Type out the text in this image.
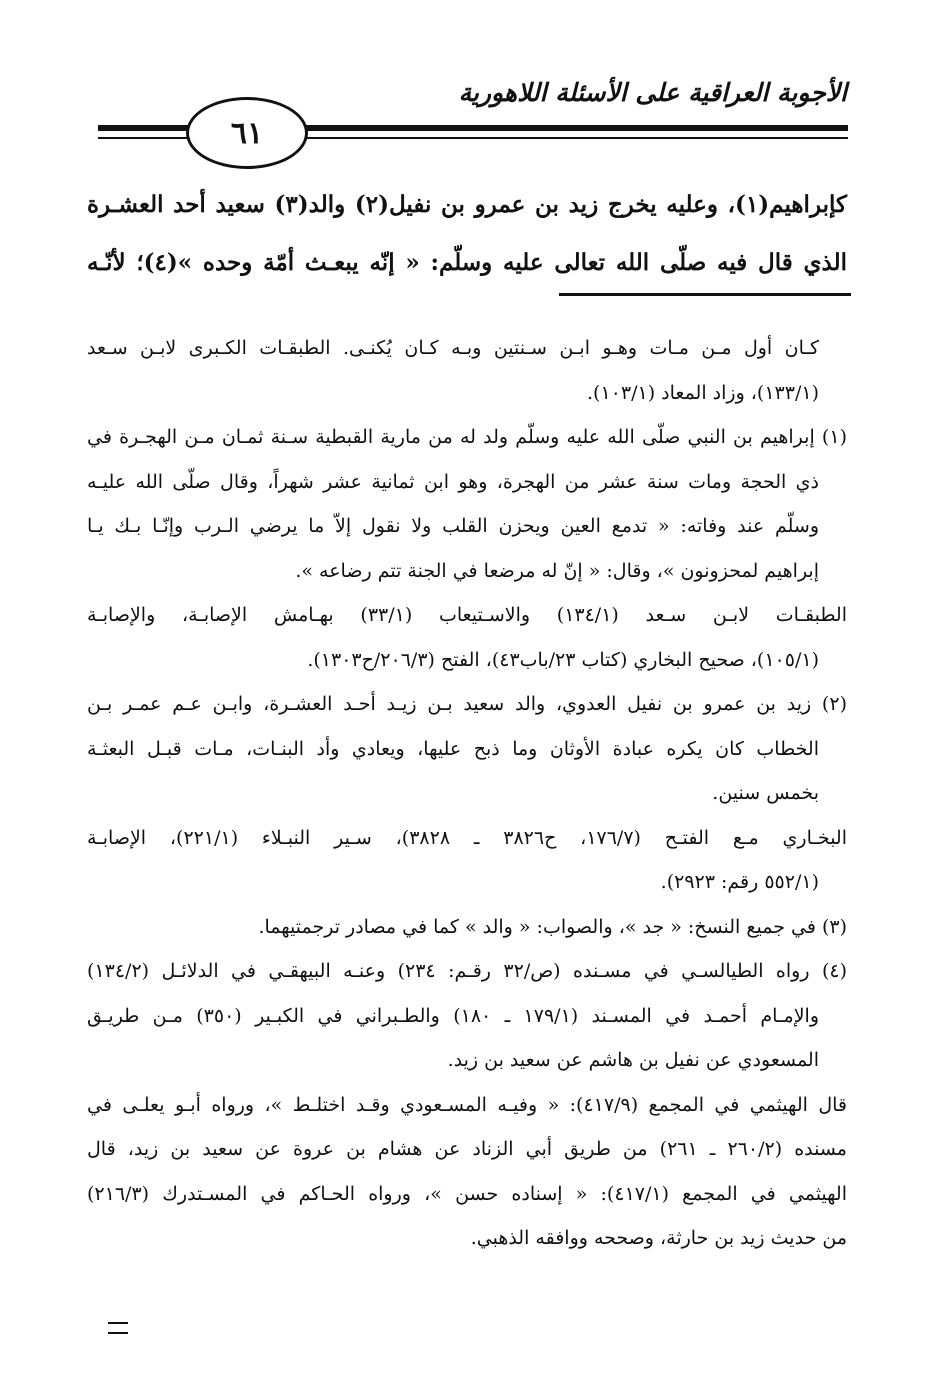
الأجوبة العراقية على الأسئلة اللاهورية
٦١
كإبراهيم(١)، وعليه يخرج زيد بن عمرو بن نفيل(٢) والد(٣) سعيد أحد العشـرة
الذي قال فيه صلّى الله تعالى عليه وسلّم: « إنّه يبعـث أمّة وحده »(٤)؛ لأنّـه
كـان أول مـن مـات وهـو ابـن سـنتين وبـه كـان يُكنـى. الطبقـات الكـبرى لابـن سـعد
(١٣٣/١)، وزاد المعاد (١٠٣/١).
(١) إبراهيم بن النبي صلّى الله عليه وسلّم ولد له من مارية القبطية سـنة ثمـان مـن الهجـرة في
ذي الحجة ومات سنة عشر من الهجرة، وهو ابن ثمانية عشر شهراً، وقال صلّى الله عليـه
وسلّم عند وفاته: « تدمع العين ويحزن القلب ولا نقول إلاّ ما يرضي الـرب وإنّـا بـك يـا
إبراهيم لمحزونون »، وقال: « إنّ له مرضعا في الجنة تتم رضاعه ».
الطبقـات لابـن سـعد (١٣٤/١) والاسـتيعاب (٣٣/١) بهـامش الإصابـة، والإصابـة
(١٠٥/١)، صحيح البخاري (كتاب ٢٣/باب٤٣)، الفتح (٢٠٦/٣/ح١٣٠٣).
(٢) زيد بن عمرو بن نفيل العدوي، والد سعيد بـن زيـد أحـد العشـرة، وابـن عـم عمـر بـن
الخطاب كان يكره عبادة الأوثان وما ذبح عليها، ويعادي وأد البنـات، مـات قبـل البعثـة
بخمس سنين.
البخـاري مـع الفتـح (١٧٦/٧، ح٣٨٢٦ ـ ٣٨٢٨)، سـير النبـلاء (٢٢١/١)، الإصابـة
(٥٥٢/١ رقم: ٢٩٢٣).
(٣) في جميع النسخ: « جد »، والصواب: « والد » كما في مصادر ترجمتيهما.
(٤) رواه الطيالسـي في مسـنده (ص/٣٢ رقـم: ٢٣٤) وعنـه البيهقـي في الدلائـل (١٣٤/٢)
والإمـام أحمـد في المسـند (١٧٩/١ ـ ١٨٠) والطـبراني في الكبـير (٣٥٠) مـن طريـق
المسعودي عن نفيل بن هاشم عن سعيد بن زيد.
قال الهيثمي في المجمع (٤١٧/٩): « وفيـه المسـعودي وقـد اختلـط »، ورواه أبـو يعلـى في
مسنده (٢٦٠/٢ ـ ٢٦١) من طريق أبي الزناد عن هشام بن عروة عن سعيد بن زيد، قال
الهيثمي في المجمع (٤١٧/١): « إسناده حسن »، ورواه الحـاكم في المسـتدرك (٢١٦/٣)
من حديث زيد بن حارثة، وصححه ووافقه الذهبي.
